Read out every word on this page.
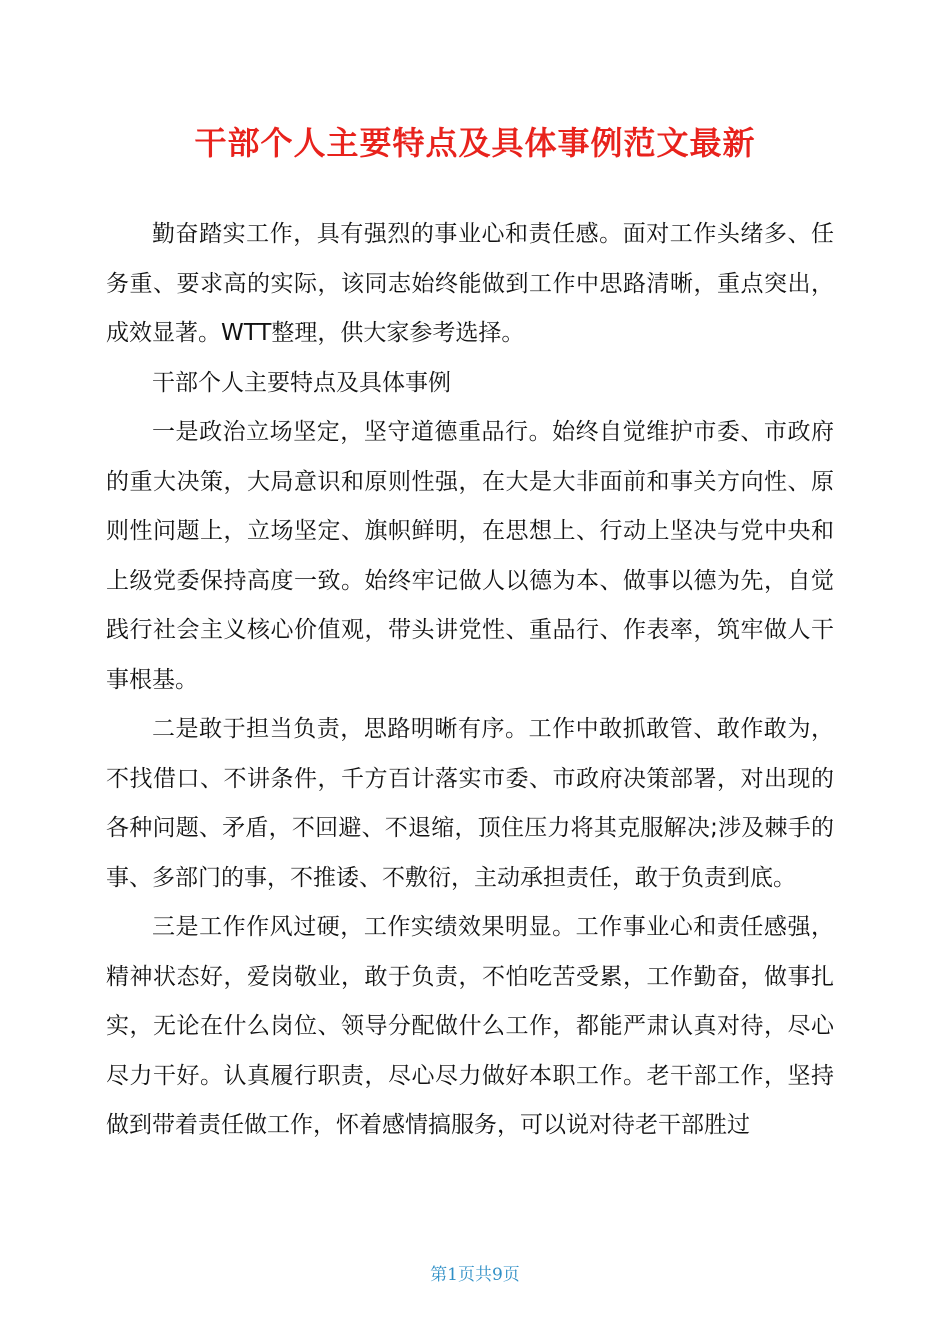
干部个人主要特点及具体事例范文最新

勤奋踏实工作，具有强烈的事业心和责任感。面对工作头绪多、任务重、要求高的实际，该同志始终能做到工作中思路清晰，重点突出，成效显著。WTT整理，供大家参考选择。

干部个人主要特点及具体事例

一是政治立场坚定，坚守道德重品行。始终自觉维护市委、市政府的重大决策，大局意识和原则性强，在大是大非面前和事关方向性、原则性问题上，立场坚定、旗帜鲜明，在思想上、行动上坚决与党中央和上级党委保持高度一致。始终牢记做人以德为本、做事以德为先，自觉践行社会主义核心价值观，带头讲党性、重品行、作表率，筑牢做人干事根基。

二是敢于担当负责，思路明晰有序。工作中敢抓敢管、敢作敢为，不找借口、不讲条件，千方百计落实市委、市政府决策部署，对出现的各种问题、矛盾，不回避、不退缩，顶住压力将其克服解决;涉及棘手的事、多部门的事，不推诿、不敷衍，主动承担责任，敢于负责到底。

三是工作作风过硬，工作实绩效果明显。工作事业心和责任感强，精神状态好，爱岗敬业，敢于负责，不怕吃苦受累，工作勤奋，做事扎实，无论在什么岗位、领导分配做什么工作，都能严肃认真对待，尽心尽力干好。认真履行职责，尽心尽力做好本职工作。老干部工作，坚持做到带着责任做工作，怀着感情搞服务，可以说对待老干部胜过

第1页共9页
